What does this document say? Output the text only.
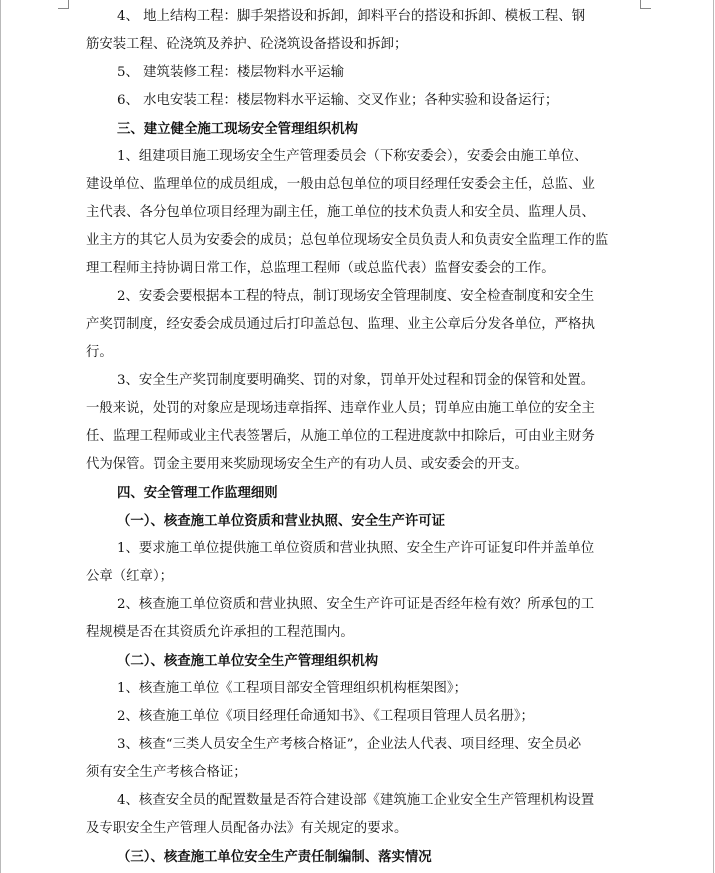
4、 地上结构工程：脚手架搭设和拆卸，卸料平台的搭设和拆卸、模板工程、钢
筋安装工程、砼浇筑及养护、砼浇筑设备搭设和拆卸；
5、 建筑装修工程：楼层物料水平运输
6、 水电安装工程：楼层物料水平运输、交叉作业；各种实验和设备运行；
三、建立健全施工现场安全管理组织机构
1、组建项目施工现场安全生产管理委员会（下称安委会），安委会由施工单位、
建设单位、监理单位的成员组成，一般由总包单位的项目经理任安委会主任，总监、业
主代表、各分包单位项目经理为副主任，施工单位的技术负责人和安全员、监理人员、
业主方的其它人员为安委会的成员；总包单位现场安全员负责人和负责安全监理工作的监
理工程师主持协调日常工作，总监理工程师（或总监代表）监督安委会的工作。
2、安委会要根据本工程的特点，制订现场安全管理制度、安全检查制度和安全生
产奖罚制度，经安委会成员通过后打印盖总包、监理、业主公章后分发各单位，严格执
行。
3、安全生产奖罚制度要明确奖、罚的对象，罚单开处过程和罚金的保管和处置。
一般来说，处罚的对象应是现场违章指挥、违章作业人员；罚单应由施工单位的安全主
任、监理工程师或业主代表签署后，从施工单位的工程进度款中扣除后，可由业主财务
代为保管。罚金主要用来奖励现场安全生产的有功人员、或安委会的开支。
四、安全管理工作监理细则
（一）、核查施工单位资质和营业执照、安全生产许可证
1、要求施工单位提供施工单位资质和营业执照、安全生产许可证复印件并盖单位
公章（红章）；
2、核查施工单位资质和营业执照、安全生产许可证是否经年检有效？所承包的工
程规模是否在其资质允许承担的工程范围内。
（二）、核查施工单位安全生产管理组织机构
1、核查施工单位《工程项目部安全管理组织机构框架图》；
2、核查施工单位《项目经理任命通知书》、《工程项目管理人员名册》；
3、核查“三类人员安全生产考核合格证”，企业法人代表、项目经理、安全员必
须有安全生产考核合格证；
4、核查安全员的配置数量是否符合建设部《建筑施工企业安全生产管理机构设置
及专职安全生产管理人员配备办法》有关规定的要求。
（三）、核查施工单位安全生产责任制编制、落实情况
